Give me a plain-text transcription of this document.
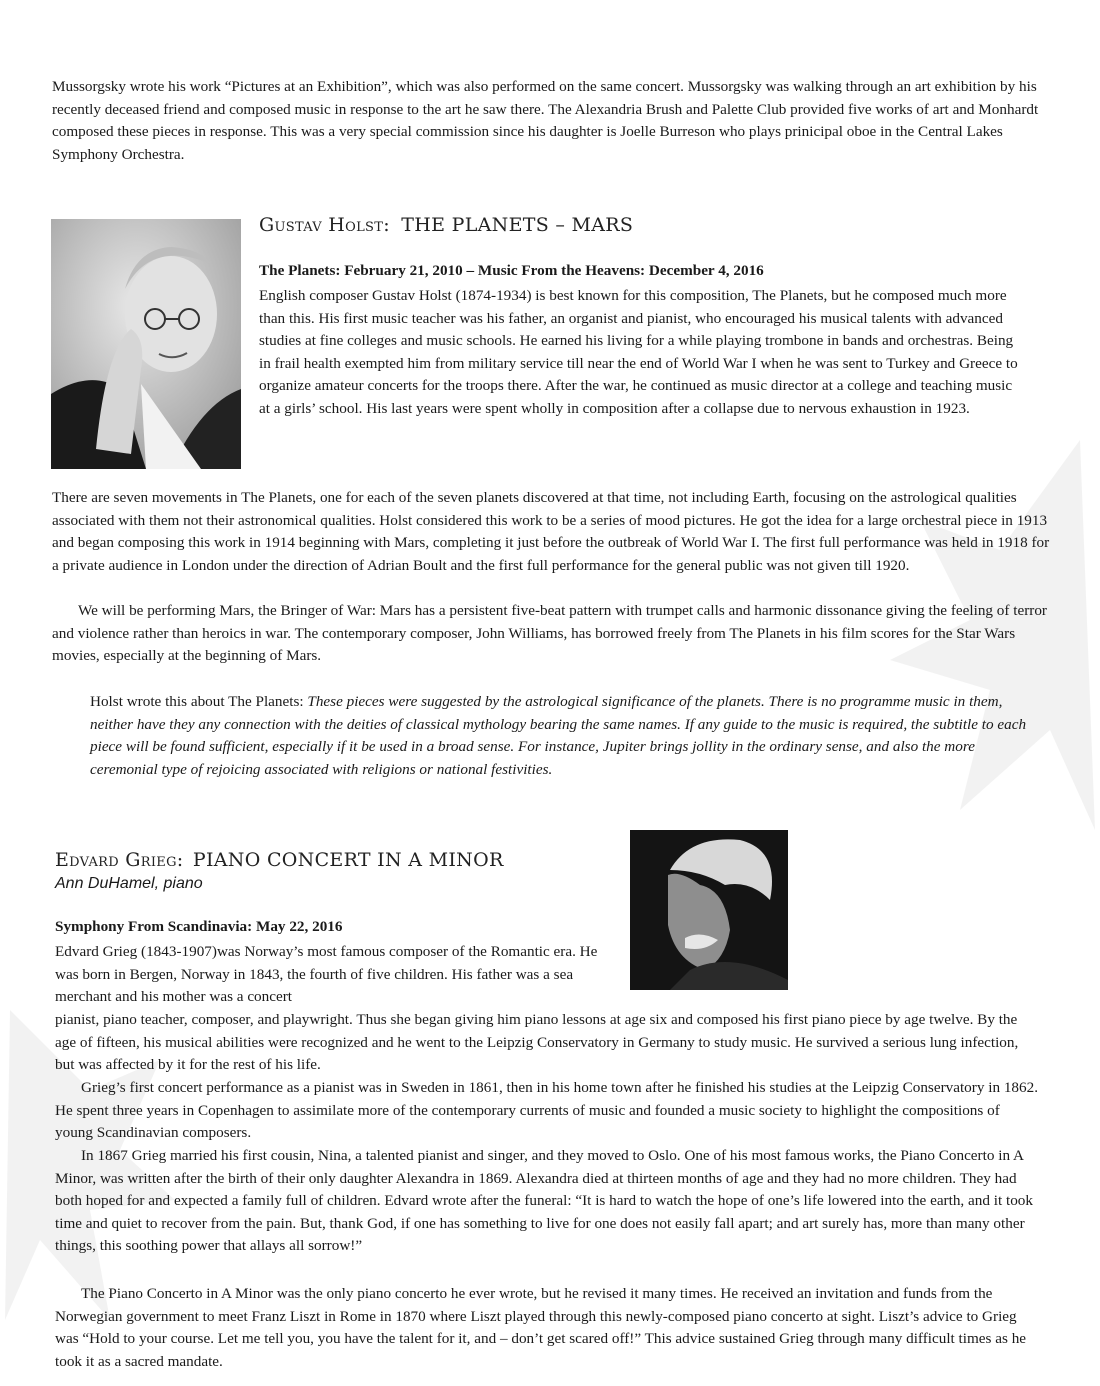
Mussorgsky wrote his work “Pictures at an Exhibition”, which was also performed on the same concert. Mussorgsky was walking through an art exhibition by his recently deceased friend and composed music in response to the art he saw there. The Alexandria Brush and Palette Club provided five works of art and Monhardt composed these pieces in response. This was a very special commission since his daughter is Joelle Burreson who plays prinicipal oboe in the Central Lakes Symphony Orchestra.

Gustav Holst: THE PLANETS – MARS
The Planets: February 21, 2010 – Music From the Heavens: December 4, 2016

English composer Gustav Holst (1874-1934) is best known for this composition, The Planets, but he composed much more than this. His first music teacher was his father, an organist and pianist, who encouraged his musical talents with advanced studies at fine colleges and music schools. He earned his living for a while playing trombone in bands and orchestras. Being in frail health exempted him from military service till near the end of World War I when he was sent to Turkey and Greece to organize amateur concerts for the troops there. After the war, he continued as music director at a college and teaching music at a girls’ school. His last years were spent wholly in composition after a collapse due to nervous exhaustion in 1923.

There are seven movements in The Planets, one for each of the seven planets discovered at that time, not including Earth, focusing on the astrological qualities associated with them not their astronomical qualities. Holst considered this work to be a series of mood pictures. He got the idea for a large orchestral piece in 1913 and began composing this work in 1914 beginning with Mars, completing it just before the outbreak of World War I. The first full performance was held in 1918 for a private audience in London under the direction of Adrian Boult and the first full performance for the general public was not given till 1920.

We will be performing Mars, the Bringer of War: Mars has a persistent five-beat pattern with trumpet calls and harmonic dissonance giving the feeling of terror and violence rather than heroics in war. The contemporary composer, John Williams, has borrowed freely from The Planets in his film scores for the Star Wars movies, especially at the beginning of Mars.

Holst wrote this about The Planets: These pieces were suggested by the astrological significance of the planets. There is no programme music in them, neither have they any connection with the deities of classical mythology bearing the same names. If any guide to the music is required, the subtitle to each piece will be found sufficient, especially if it be used in a broad sense. For instance, Jupiter brings jollity in the ordinary sense, and also the more ceremonial type of rejoicing associated with religions or national festivities.

Edvard Grieg: PIANO CONCERT IN A MINOR
Ann DuHamel, piano
Symphony From Scandinavia: May 22, 2016

Edvard Grieg (1843-1907)was Norway’s most famous composer of the Romantic era. He was born in Bergen, Norway in 1843, the fourth of five children. His father was a sea merchant and his mother was a concert

pianist, piano teacher, composer, and playwright. Thus she began giving him piano lessons at age six and composed his first piano piece by age twelve. By the age of fifteen, his musical abilities were recognized and he went to the Leipzig Conservatory in Germany to study music. He survived a serious lung infection, but was affected by it for the rest of his life.

Grieg’s first concert performance as a pianist was in Sweden in 1861, then in his home town after he finished his studies at the Leipzig Conservatory in 1862. He spent three years in Copenhagen to assimilate more of the contemporary currents of music and founded a music society to highlight the compositions of young Scandinavian composers.

In 1867 Grieg married his first cousin, Nina, a talented pianist and singer, and they moved to Oslo. One of his most famous works, the Piano Concerto in A Minor, was written after the birth of their only daughter Alexandra in 1869. Alexandra died at thirteen months of age and they had no more children. They had both hoped for and expected a family full of children. Edvard wrote after the funeral: “It is hard to watch the hope of one’s life lowered into the earth, and it took time and quiet to recover from the pain. But, thank God, if one has something to live for one does not easily fall apart; and art surely has, more than many other things, this soothing power that allays all sorrow!”

The Piano Concerto in A Minor was the only piano concerto he ever wrote, but he revised it many times. He received an invitation and funds from the Norwegian government to meet Franz Liszt in Rome in 1870 where Liszt played through this newly-composed piano concerto at sight. Liszt’s advice to Grieg was “Hold to your course. Let me tell you, you have the talent for it, and – don’t get scared off!” This advice sustained Grieg through many difficult times as he took it as a sacred mandate.
